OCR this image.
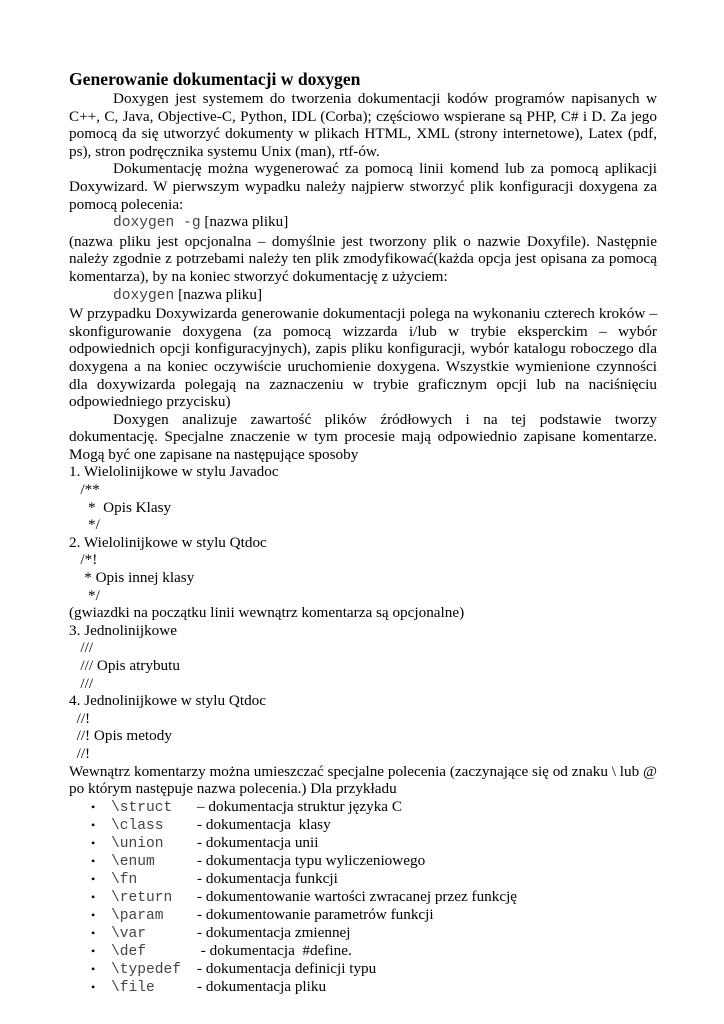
Generowanie dokumentacji w doxygen

Doxygen jest systemem do tworzenia dokumentacji kodów programów napisanych w C++, C, Java, Objective-C, Python, IDL (Corba); częściowo wspierane są PHP, C# i D. Za jego pomocą da się utworzyć dokumenty w plikach HTML, XML (strony internetowe), Latex (pdf, ps), stron podręcznika systemu Unix (man), rtf-ów.

Dokumentację można wygenerować za pomocą linii komend lub za pomocą aplikacji Doxywizard. W pierwszym wypadku należy najpierw stworzyć plik konfiguracji doxygena za pomocą polecenia:

doxygen -g [nazwa pliku]

(nazwa pliku jest opcjonalna – domyślnie jest tworzony plik o nazwie Doxyfile). Następnie należy zgodnie z potrzebami należy ten plik zmodyfikować(każda opcja jest opisana za pomocą komentarza), by na koniec stworzyć dokumentację z użyciem:

doxygen [nazwa pliku]

W przypadku Doxywizarda generowanie dokumentacji polega na wykonaniu czterech kroków – skonfigurowanie doxygena (za pomocą wizzarda i/lub w trybie eksperckim – wybór odpowiednich opcji konfiguracyjnych), zapis pliku konfiguracji, wybór katalogu roboczego dla doxygena a na koniec oczywiście uruchomienie doxygena. Wszystkie wymienione czynności dla doxywizarda polegają na zaznaczeniu w trybie graficznym opcji lub na naciśnięciu odpowiedniego przycisku)

Doxygen analizuje zawartość plików źródłowych i na tej podstawie tworzy dokumentację. Specjalne znaczenie w tym procesie mają odpowiednio zapisane komentarze. Mogą być one zapisane na następujące sposoby

1. Wielolinijkowe w stylu Javadoc
/**
*  Opis Klasy
*/
2. Wielolinijkowe w stylu Qtdoc
/*!
* Opis innej klasy
*/
(gwiazdki na początku linii wewnątrz komentarza są opcjonalne)
3. Jednolinijkowe
///
/// Opis atrybutu
///
4. Jednolinijkowe w stylu Qtdoc
//!
//! Opis metody
//!

Wewnątrz komentarzy można umieszczać specjalne polecenia (zaczynające się od znaku \ lub @ po którym następuje nazwa polecenia.) Dla przykładu

•	\struct	– dokumentacja struktur języka C
•	\class	- dokumentacja  klasy
•	\union	- dokumentacja unii
•	\enum	- dokumentacja typu wyliczeniowego
•	\fn	- dokumentacja funkcji
•	\return	- dokumentowanie wartości zwracanej przez funkcję
•	\param	- dokumentowanie parametrów funkcji
•	\var	- dokumentacja zmiennej
•	\def	- dokumentacja  #define.
•	\typedef	- dokumentacja definicji typu
•	\file	- dokumentacja pliku
